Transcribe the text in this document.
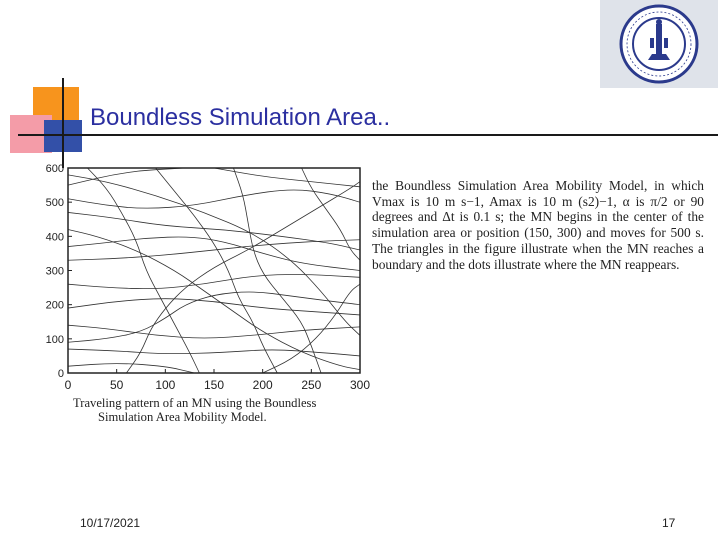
Boundless Simulation Area..
0	50	100 150 200 250 300
0
100
200
300
400
500
600
Traveling pattern of an MN using the Boundless
Simulation Area Mobility Model.
the Boundless Simulation Area Mobility Model, in which Vmax is 10 m s−1, Amax is 10 m (s2)−1, α is π/2 or 90 degrees and Δt is 0.1 s; the MN begins in the center of the simulation area or position (150, 300) and moves for 500 s. The triangles in the figure illustrate when the MN reaches a boundary and the dots illustrate where the MN reappears.
10/17/2021	17
